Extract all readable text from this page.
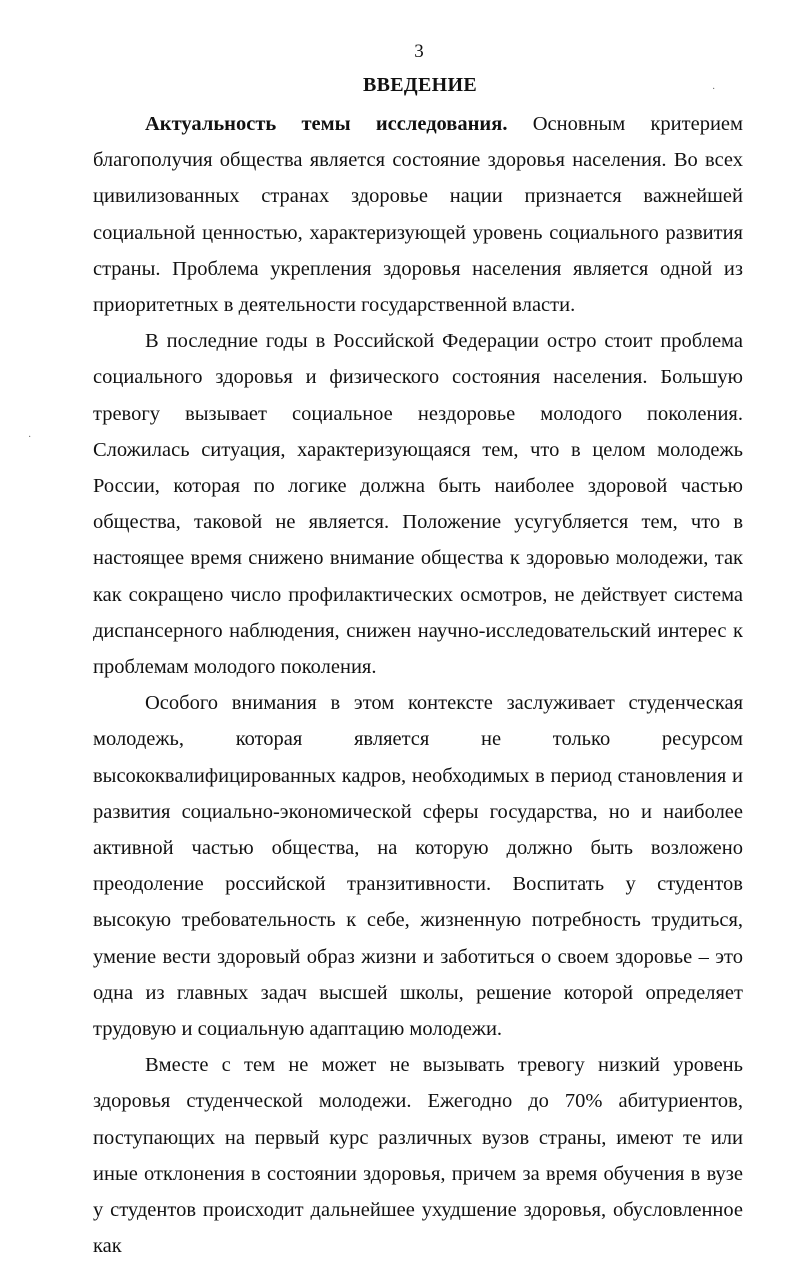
3
ВВЕДЕНИЕ

Актуальность темы исследования. Основным критерием благополучия общества является состояние здоровья населения. Во всех цивилизованных странах здоровье нации признается важнейшей социальной ценностью, характеризующей уровень социального развития страны. Проблема укрепления здоровья населения является одной из приоритетных в деятельности государственной власти.

В последние годы в Российской Федерации остро стоит проблема социального здоровья и физического состояния населения. Большую тревогу вызывает социальное нездоровье молодого поколения. Сложилась ситуация, характеризующаяся тем, что в целом молодежь России, которая по логике должна быть наиболее здоровой частью общества, таковой не является. Положение усугубляется тем, что в настоящее время снижено внимание общества к здоровью молодежи, так как сокращено число профилактических осмотров, не действует система диспансерного наблюдения, снижен научно-исследовательский интерес к проблемам молодого поколения.

Особого внимания в этом контексте заслуживает студенческая молодежь, которая является не только ресурсом высококвалифицированных кадров, необходимых в период становления и развития социально-экономической сферы государства, но и наиболее активной частью общества, на которую должно быть возложено преодоление российской транзитивности. Воспитать у студентов высокую требовательность к себе, жизненную потребность трудиться, умение вести здоровый образ жизни и заботиться о своем здоровье – это одна из главных задач высшей школы, решение которой определяет трудовую и социальную адаптацию молодежи.

Вместе с тем не может не вызывать тревогу низкий уровень здоровья студенческой молодежи. Ежегодно до 70% абитуриентов, поступающих на первый курс различных вузов страны, имеют те или иные отклонения в состоянии здоровья, причем за время обучения в вузе у студентов происходит дальнейшее ухудшение здоровья, обусловленное как

·
·
